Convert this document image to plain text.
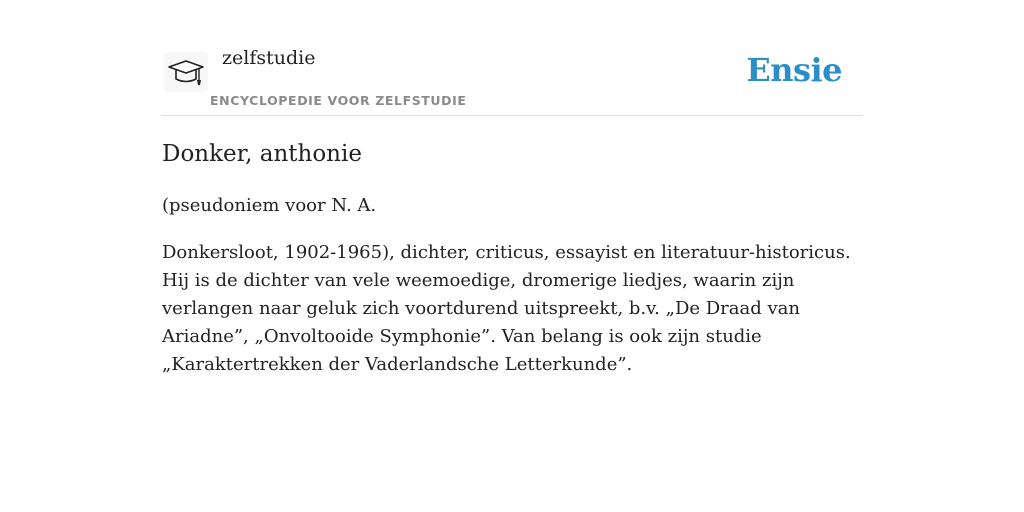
zelfstudie
ENCYCLOPEDIE VOOR ZELFSTUDIE
Ensie
Donker, anthonie

(pseudoniem voor N. A.

Donkersloot, 1902-1965), dichter, criticus, essayist en literatuur-historicus. Hij is de dichter van vele weemoedige, dromerige liedjes, waarin zijn verlangen naar geluk zich voortdurend uitspreekt, b.v. „De Draad van Ariadne”, „Onvoltooide Symphonie”. Van belang is ook zijn studie „Karaktertrekken der Vaderlandsche Letterkunde”.
